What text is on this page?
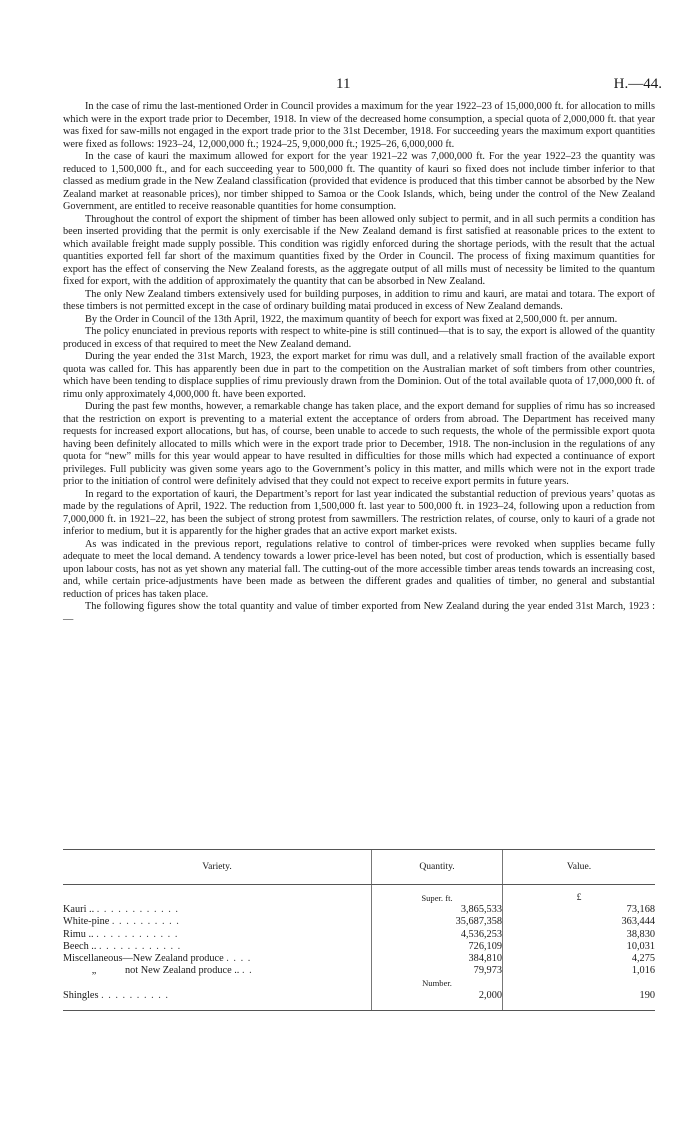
11	H.—44.

In the case of rimu the last-mentioned Order in Council provides a maximum for the year 1922–23 of 15,000,000 ft. for allocation to mills which were in the export trade prior to December, 1918. In view of the decreased home consumption, a special quota of 2,000,000 ft. that year was fixed for saw-mills not engaged in the export trade prior to the 31st December, 1918. For succeeding years the maximum export quantities were fixed as follows: 1923–24, 12,000,000 ft.; 1924–25, 9,000,000 ft.; 1925–26, 6,000,000 ft.

In the case of kauri the maximum allowed for export for the year 1921–22 was 7,000,000 ft. For the year 1922–23 the quantity was reduced to 1,500,000 ft., and for each succeeding year to 500,000 ft. The quantity of kauri so fixed does not include timber inferior to that classed as medium grade in the New Zealand classification (provided that evidence is produced that this timber cannot be absorbed by the New Zealand market at reasonable prices), nor timber shipped to Samoa or the Cook Islands, which, being under the control of the New Zealand Government, are entitled to receive reasonable quantities for home consumption.

Throughout the control of export the shipment of timber has been allowed only subject to permit, and in all such permits a condition has been inserted providing that the permit is only exercisable if the New Zealand demand is first satisfied at reasonable prices to the extent to which available freight made supply possible. This condition was rigidly enforced during the shortage periods, with the result that the actual quantities exported fell far short of the maximum quantities fixed by the Order in Council. The process of fixing maximum quantities for export has the effect of conserving the New Zealand forests, as the aggregate output of all mills must of necessity be limited to the quantum fixed for export, with the addition of approximately the quantity that can be absorbed in New Zealand.

The only New Zealand timbers extensively used for building purposes, in addition to rimu and kauri, are matai and totara. The export of these timbers is not permitted except in the case of ordinary building matai produced in excess of New Zealand demands.

By the Order in Council of the 13th April, 1922, the maximum quantity of beech for export was fixed at 2,500,000 ft. per annum.

The policy enunciated in previous reports with respect to white-pine is still continued—that is to say, the export is allowed of the quantity produced in excess of that required to meet the New Zealand demand.

During the year ended the 31st March, 1923, the export market for rimu was dull, and a relatively small fraction of the available export quota was called for. This has apparently been due in part to the competition on the Australian market of soft timbers from other countries, which have been tending to displace supplies of rimu previously drawn from the Dominion. Out of the total available quota of 17,000,000 ft. of rimu only approximately 4,000,000 ft. have been exported.

During the past few months, however, a remarkable change has taken place, and the export demand for supplies of rimu has so increased that the restriction on export is preventing to a material extent the acceptance of orders from abroad. The Department has received many requests for increased export allocations, but has, of course, been unable to accede to such requests, the whole of the permissible export quota having been definitely allocated to mills which were in the export trade prior to December, 1918. The non-inclusion in the regulations of any quota for “new” mills for this year would appear to have resulted in difficulties for those mills which had expected a continuance of export privileges. Full publicity was given some years ago to the Government’s policy in this matter, and mills which were not in the export trade prior to the initiation of control were definitely advised that they could not expect to receive export permits in future years.

In regard to the exportation of kauri, the Department’s report for last year indicated the substantial reduction of previous years’ quotas as made by the regulations of April, 1922. The reduction from 1,500,000 ft. last year to 500,000 ft. in 1923–24, following upon a reduction from 7,000,000 ft. in 1921–22, has been the subject of strong protest from sawmillers. The restriction relates, of course, only to kauri of a grade not inferior to medium, but it is apparently for the higher grades that an active export market exists.

As was indicated in the previous report, regulations relative to control of timber-prices were revoked when supplies became fully adequate to meet the local demand. A tendency towards a lower price-level has been noted, but cost of production, which is essentially based upon labour costs, has not as yet shown any material fall. The cutting-out of the more accessible timber areas tends towards an increasing cost, and, while certain price-adjustments have been made as between the different grades and qualities of timber, no general and substantial reduction of prices has taken place.

The following figures show the total quantity and value of timber exported from New Zealand during the year ended 31st March, 1923 :—

Variety.	Quantity.	Value.
	Super. ft.	£
Kauri .. . . . . . . . . . . . .	3,865,533	73,168
White-pine . . . . . . . . . .	35,687,358	363,444
Rimu .. . . . . . . . . . . . .	4,536,253	38,830
Beech .. . . . . . . . . . . . .	726,109	10,031
Miscellaneous—New Zealand produce . . . .	384,810	4,275
„ not New Zealand produce .. . .	79,973	1,016
	Number.	
Shingles . . . . . . . . . .	2,000	190
